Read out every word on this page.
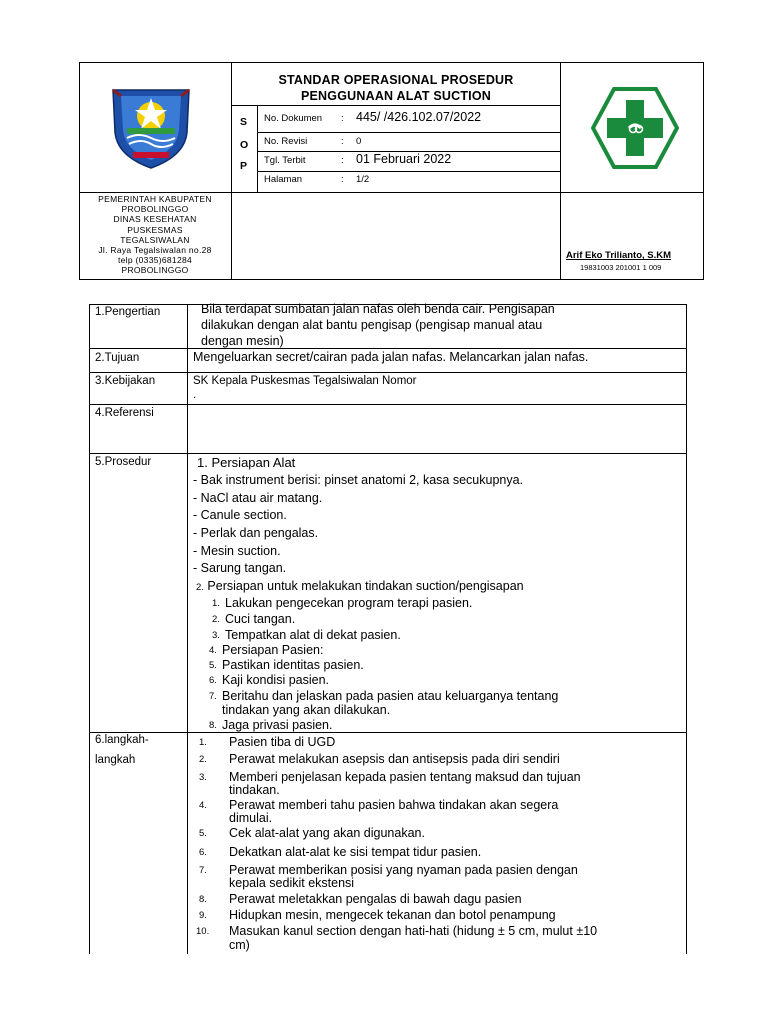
STANDAR OPERASIONAL PROSEDUR
PENGGUNAAN ALAT SUCTION
S
O
P
No. Dokumen : 445/ /426.102.07/2022
No. Revisi	: 0
Tgl. Terbit	: 01 Februari 2022
Halaman	: 1/2
PEMERINTAH KABUPATEN
PROBOLINGGO
DINAS KESEHATAN
PUSKESMAS
TEGALSIWALAN
Jl. Raya Tegalsiwalan no.28
telp (0335)681284
PROBOLINGGO
Arif Eko Trilianto, S.KM
19831003 201001 1 009
1.Pengertian	Bila terdapat sumbatan jalan nafas oleh benda cair. Pengisapan
dilakukan dengan alat bantu pengisap (pengisap manual atau
dengan mesin)
2.Tujuan	Mengeluarkan secret/cairan pada jalan nafas. Melancarkan jalan nafas.
3.Kebijakan	SK Kepala Puskesmas Tegalsiwalan Nomor
.
4.Referensi
5.Prosedur	1. Persiapan Alat
- Bak instrument berisi: pinset anatomi 2, kasa secukupnya.
- NaCl atau air matang.
- Canule section.
- Perlak dan pengalas.
- Mesin suction.
- Sarung tangan.
2. Persiapan untuk melakukan tindakan suction/pengisapan
1. Lakukan pengecekan program terapi pasien.
2. Cuci tangan.
3. Tempatkan alat di dekat pasien.
4. Persiapan Pasien:
5. Pastikan identitas pasien.
6. Kaji kondisi pasien.
7. Beritahu dan jelaskan pada pasien atau keluarganya tentang
tindakan yang akan dilakukan.
8. Jaga privasi pasien.
6.langkah-
langkah
1. Pasien tiba di UGD
2. Perawat melakukan asepsis dan antisepsis pada diri sendiri
3. Memberi penjelasan kepada pasien tentang maksud dan tujuan
tindakan.
4. Perawat memberi tahu pasien bahwa tindakan akan segera
dimulai.
5. Cek alat-alat yang akan digunakan.
6. Dekatkan alat-alat ke sisi tempat tidur pasien.
7. Perawat memberikan posisi yang nyaman pada pasien dengan
kepala sedikit ekstensi
8. Perawat meletakkan pengalas di bawah dagu pasien
9. Hidupkan mesin, mengecek tekanan dan botol penampung
10. Masukan kanul section dengan hati-hati (hidung ± 5 cm, mulut ±10
cm)
